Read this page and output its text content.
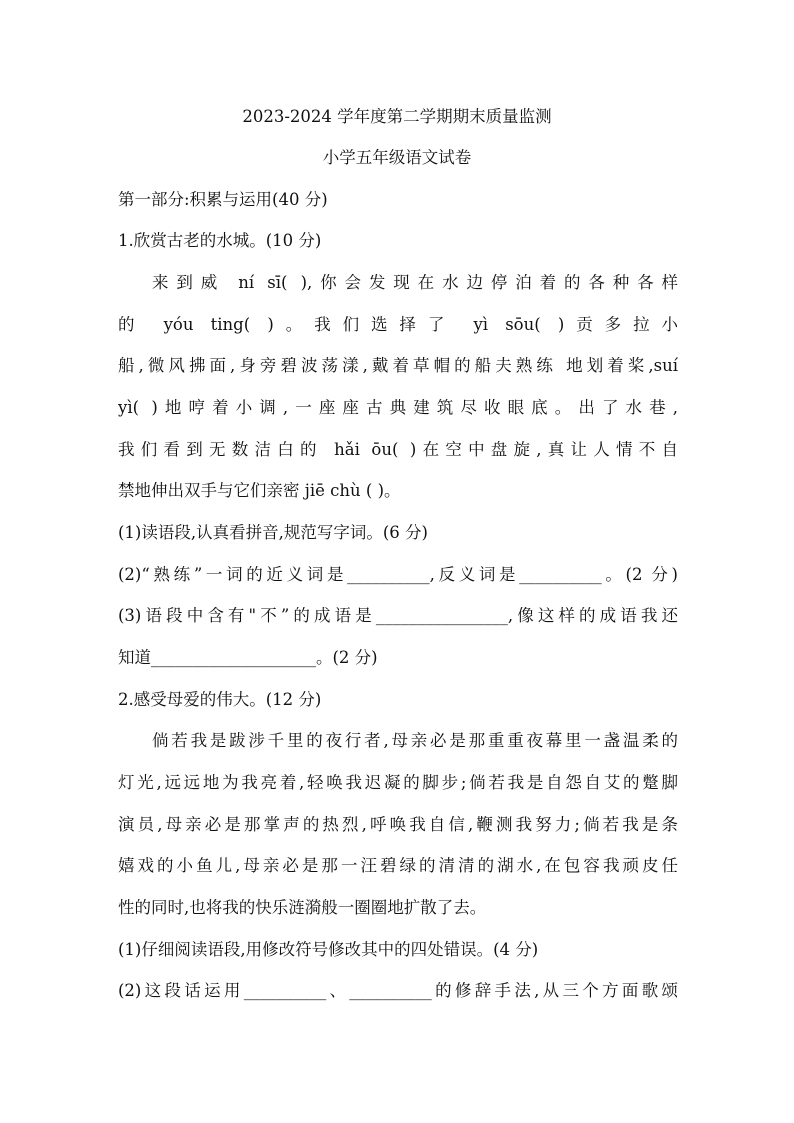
2023-2024 学年度第二学期期末质量监测
小学五年级语文试卷
第一部分:积累与运用(40 分)
1.欣赏古老的水城。(10 分)
来到威 ní sī( ),你会发现在水边停泊着的各种各样
的 yóu ting( )。我们选择了 yì sōu( )贡多拉小
船,微风拂面,身旁碧波荡漾,戴着草帽的船夫熟练 地划着桨,suí
yì( )地哼着小调,一座座古典建筑尽收眼底。出了水巷,
我们看到无数洁白的 hǎi ōu( )在空中盘旋,真让人情不自
禁地伸出双手与它们亲密 jiē chù ( )。
(1)读语段,认真看拼音,规范写字词。(6 分)
(2)“熟练”一词的近义词是__________,反义词是__________。(2 分)
(3)语段中含有"不”的成语是________________,像这样的成语我还
知道____________________。(2 分)
2.感受母爱的伟大。(12 分)
倘若我是跋涉千里的夜行者,母亲必是那重重夜幕里一盏温柔的
灯光,远远地为我亮着,轻唤我迟凝的脚步;倘若我是自怨自艾的蹩脚
演员,母亲必是那掌声的热烈,呼唤我自信,鞭测我努力;倘若我是条
嬉戏的小鱼儿,母亲必是那一汪碧绿的清清的湖水,在包容我顽皮任
性的同时,也将我的快乐涟漪般一圈圈地扩散了去。
(1)仔细阅读语段,用修改符号修改其中的四处错误。(4 分)
(2)这段话运用__________、__________的修辞手法,从三个方面歌颂
